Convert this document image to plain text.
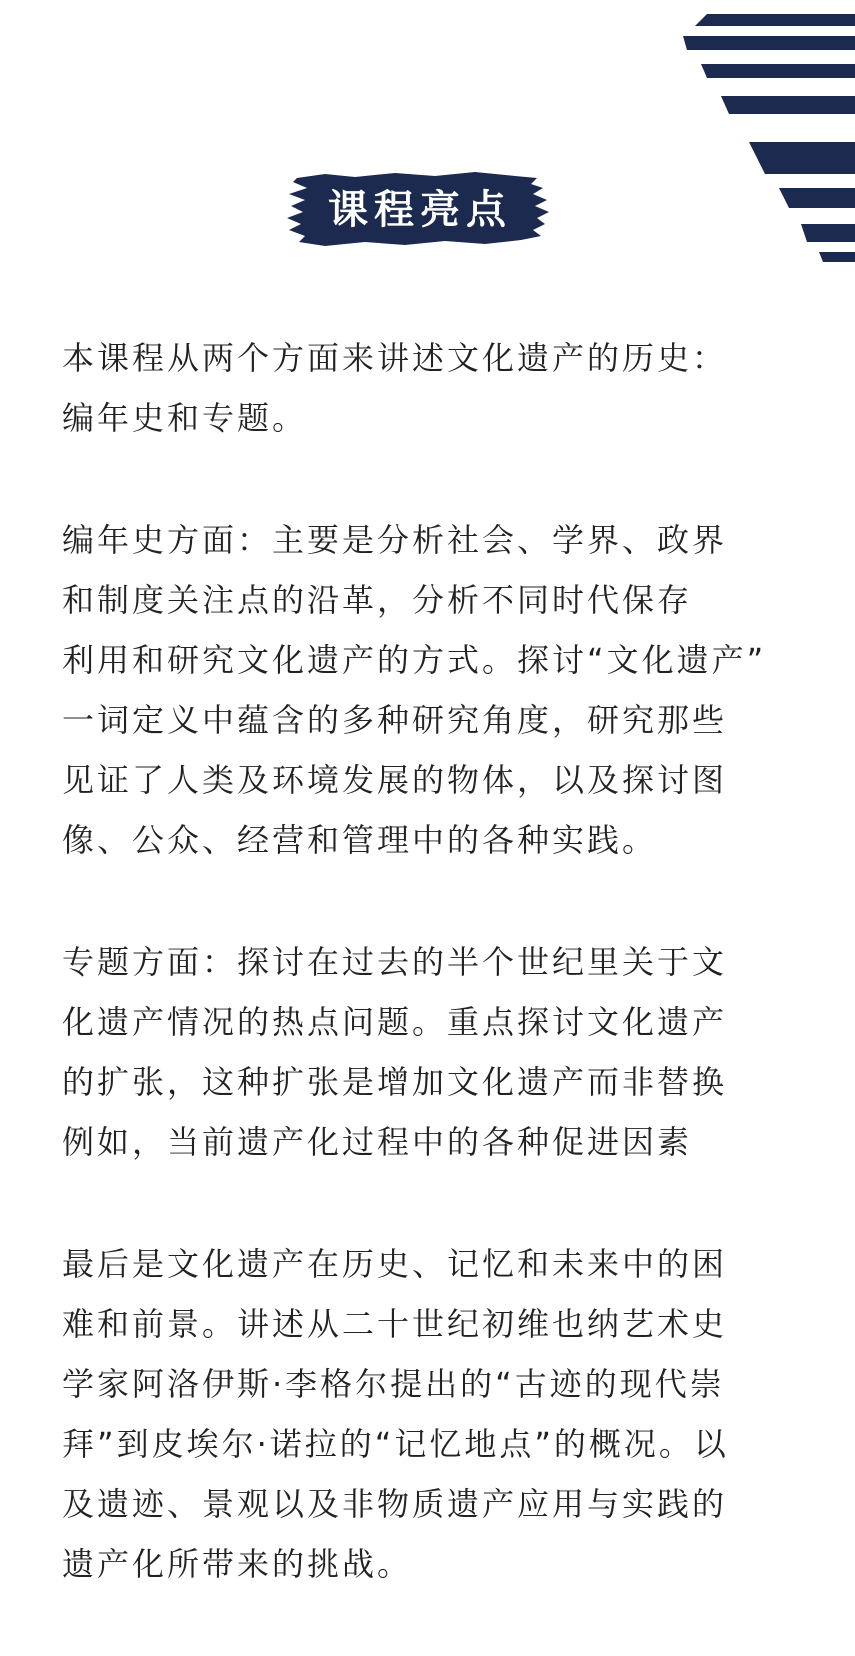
课程亮点
本课程从两个方面来讲述文化遗产的历史：
编年史和专题。
编年史方面：主要是分析社会、学界、政界
和制度关注点的沿革，分析不同时代保存
利用和研究文化遗产的方式。探讨“文化遗产”
一词定义中蕴含的多种研究角度，研究那些
见证了人类及环境发展的物体，以及探讨图
像、公众、经营和管理中的各种实践。
专题方面：探讨在过去的半个世纪里关于文
化遗产情况的热点问题。重点探讨文化遗产
的扩张，这种扩张是增加文化遗产而非替换
例如，当前遗产化过程中的各种促进因素
最后是文化遗产在历史、记忆和未来中的困
难和前景。讲述从二十世纪初维也纳艺术史
学家阿洛伊斯·李格尔提出的“古迹的现代崇
拜”到皮埃尔·诺拉的“记忆地点”的概况。以
及遗迹、景观以及非物质遗产应用与实践的
遗产化所带来的挑战。
